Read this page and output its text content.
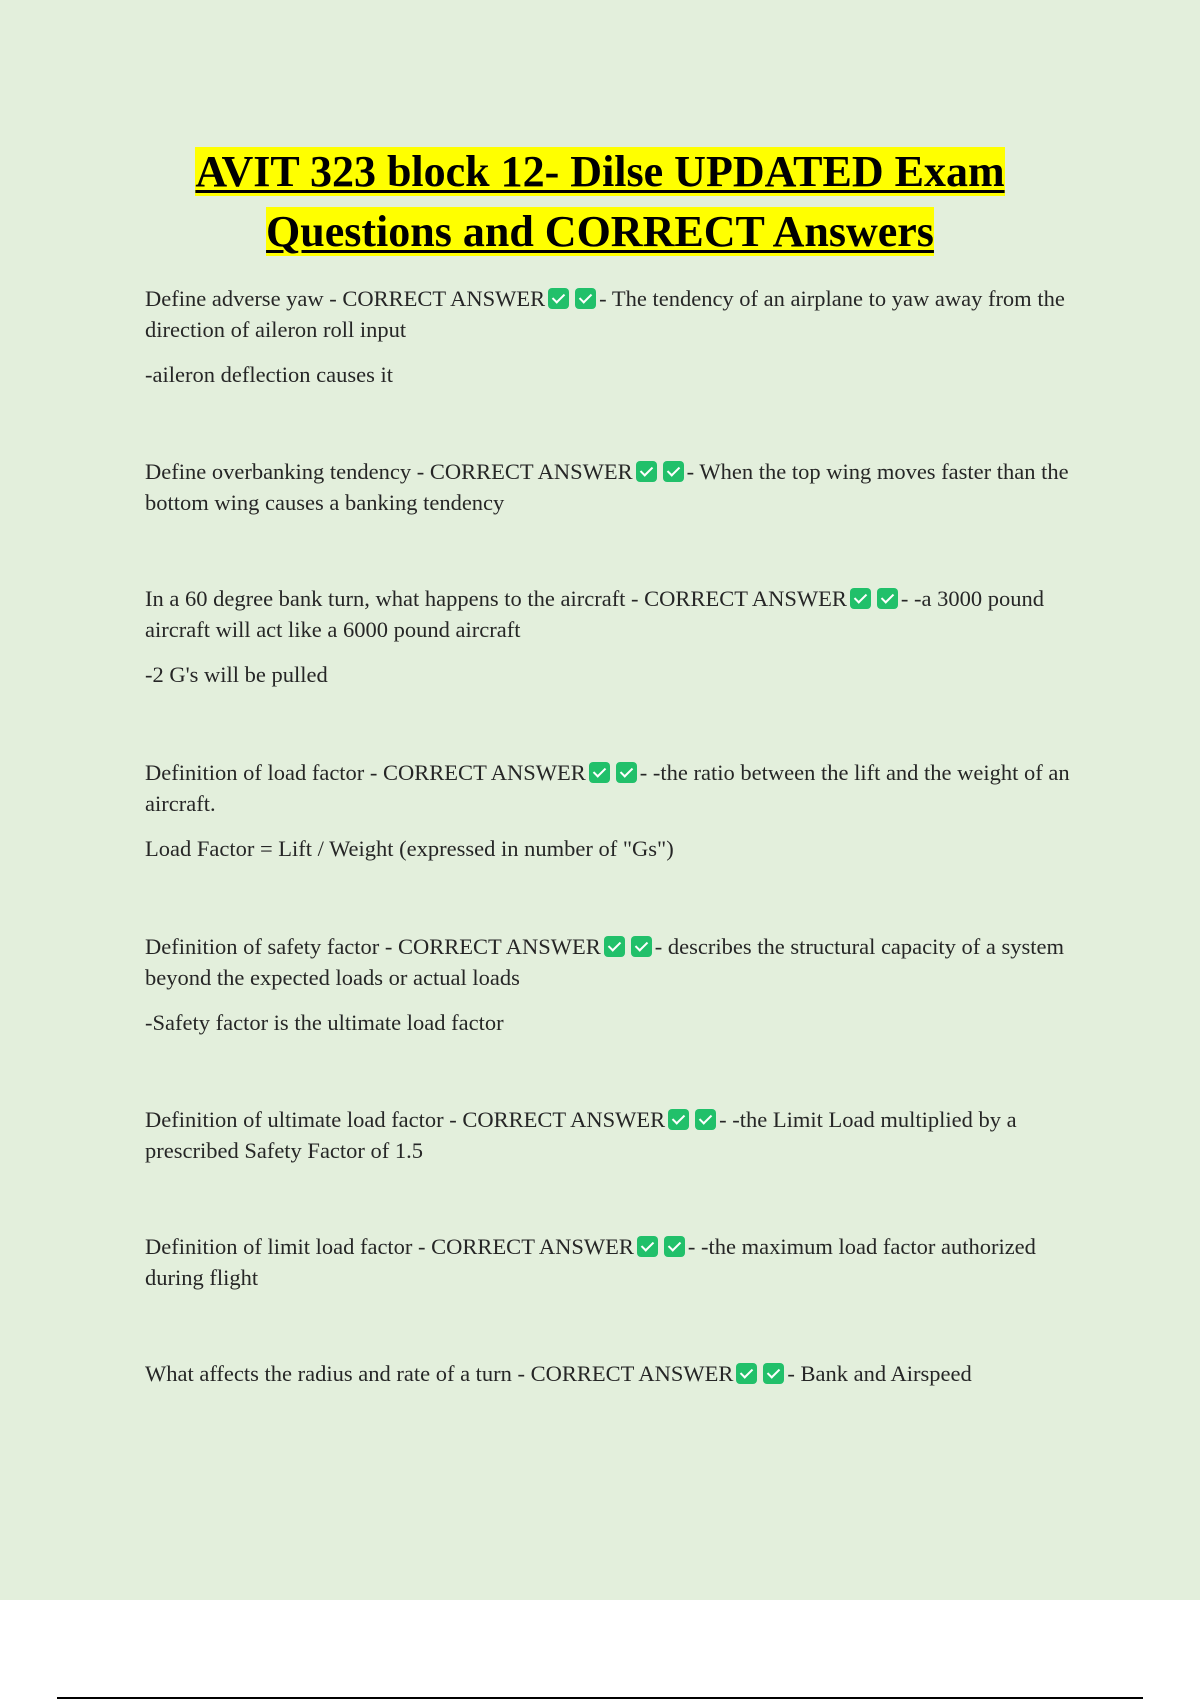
AVIT 323 block 12- Dilse UPDATED Exam
Questions and CORRECT Answers

Define adverse yaw - CORRECT ANSWER - The tendency of an airplane to yaw away from the direction of aileron roll input

-aileron deflection causes it

Define overbanking tendency - CORRECT ANSWER - When the top wing moves faster than the bottom wing causes a banking tendency

In a 60 degree bank turn, what happens to the aircraft - CORRECT ANSWER - -a 3000 pound aircraft will act like a 6000 pound aircraft

-2 G's will be pulled

Definition of load factor - CORRECT ANSWER - -the ratio between the lift and the weight of an aircraft.

Load Factor = Lift / Weight (expressed in number of "Gs")

Definition of safety factor - CORRECT ANSWER - describes the structural capacity of a system beyond the expected loads or actual loads

-Safety factor is the ultimate load factor

Definition of ultimate load factor - CORRECT ANSWER - -the Limit Load multiplied by a prescribed Safety Factor of 1.5

Definition of limit load factor - CORRECT ANSWER - -the maximum load factor authorized during flight

What affects the radius and rate of a turn - CORRECT ANSWER - Bank and Airspeed
